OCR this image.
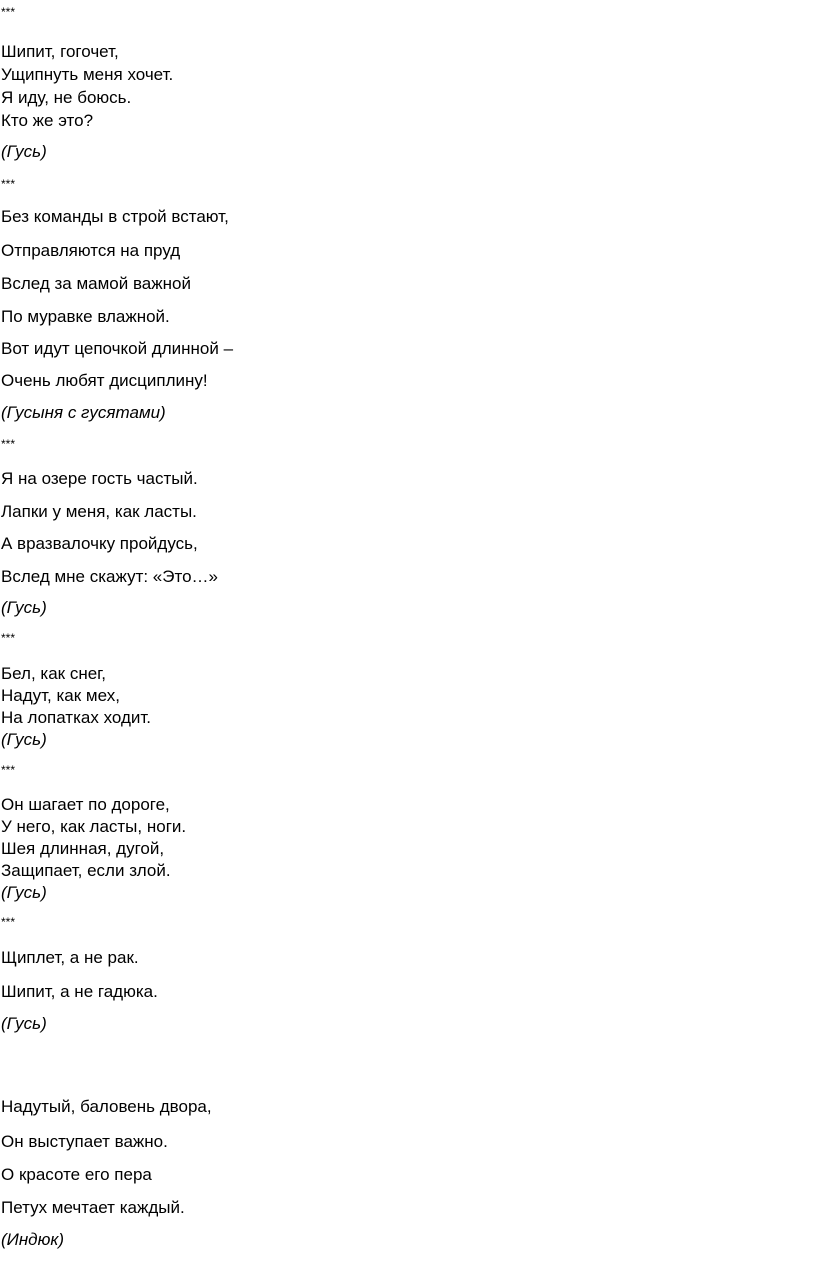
***
Шипит, гогочет,
Ущипнуть меня хочет.
Я иду, не боюсь.
Кто же это?
(Гусь)
***
Без команды в строй встают,
Отправляются на пруд
Вслед за мамой важной
По муравке влажной.
Вот идут цепочкой длинной –
Очень любят дисциплину!
(Гусыня с гусятами)
***
Я на озере гость частый.
Лапки у меня, как ласты.
А вразвалочку пройдусь,
Вслед мне скажут: «Это…»
(Гусь)
***
Бел, как снег,
Надут, как мех,
На лопатках ходит.
(Гусь)
***
Он шагает по дороге,
У него, как ласты, ноги.
Шея длинная, дугой,
Защипает, если злой.
(Гусь)
***
Щиплет, а не рак.
Шипит, а не гадюка.
(Гусь)
Надутый, баловень двора,
Он выступает важно.
О красоте его пера
Петух мечтает каждый.
(Индюк)
